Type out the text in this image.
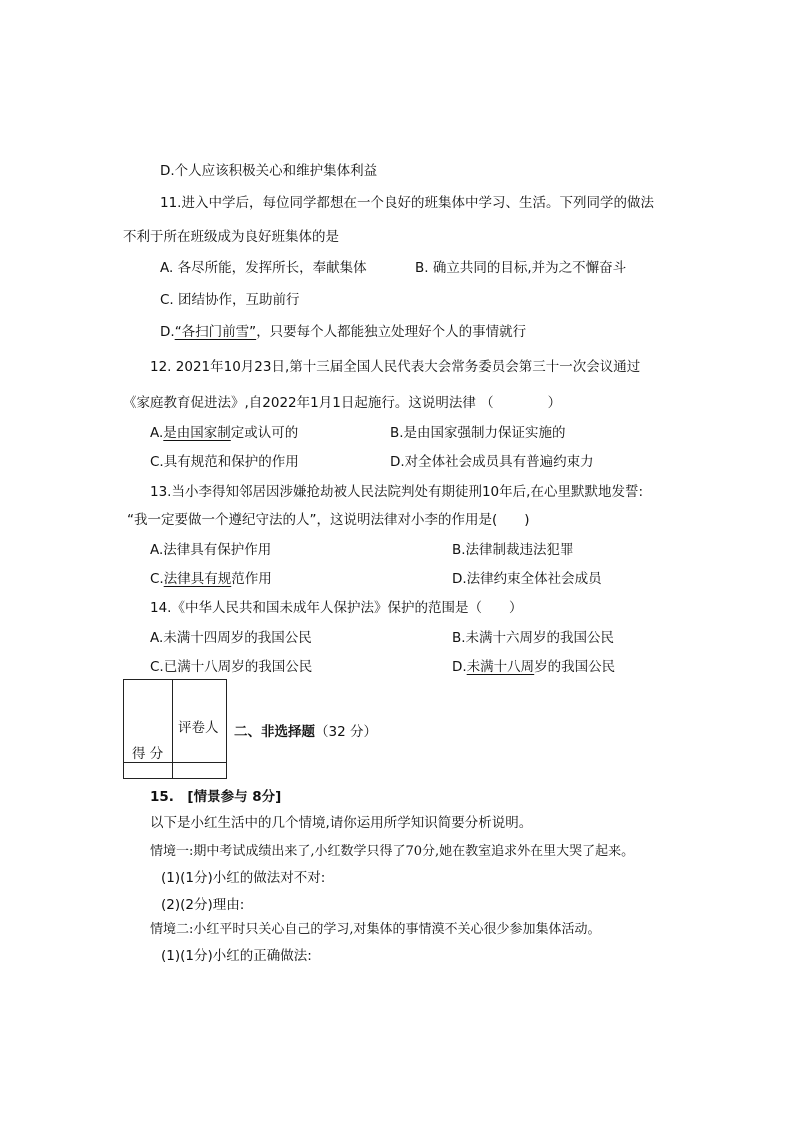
D.个人应该积极关心和维护集体利益
11.进入中学后，每位同学都想在一个良好的班集体中学习、生活。下列同学的做法
不利于所在班级成为良好班集体的是
A. 各尽所能，发挥所长，奉献集体	B. 确立共同的目标,并为之不懈奋斗
C. 团结协作，互助前行
D.“各扫门前雪”，只要每个人都能独立处理好个人的事情就行
12. 2021年10月23日,第十三届全国人民代表大会常务委员会第三十一次会议通过
《家庭教育促进法》,自2022年1月1日起施行。这说明法律 （　　　　）
A.是由国家制定或认可的	B.是由国家强制力保证实施的
C.具有规范和保护的作用	D.对全体社会成员具有普遍约束力
13.当小李得知邻居因涉嫌抢劫被人民法院判处有期徒刑10年后,在心里默默地发誓:
“我一定要做一个遵纪守法的人”，这说明法律对小李的作用是(　　)
A.法律具有保护作用	B.法律制裁违法犯罪
C.法律具有规范作用	D.法律约束全体社会成员
14.《中华人民共和国未成年人保护法》保护的范围是（　　）
A.未满十四周岁的我国公民	B.未满十六周岁的我国公民
C.已满十八周岁的我国公民	D.未满十八周岁的我国公民
得 分
评卷人 二、非选择题（32 分）
15.　[情景参与 8分]
以下是小红生活中的几个情境,请你运用所学知识简要分析说明。
情境一:期中考试成绩出来了,小红数学只得了70分,她在教室追求外在里大哭了起来。
(1)(1分)小红的做法对不对:
(2)(2分)理由:
情境二:小红平时只关心自己的学习,对集体的事情漠不关心很少参加集体活动。
(1)(1分)小红的正确做法:
